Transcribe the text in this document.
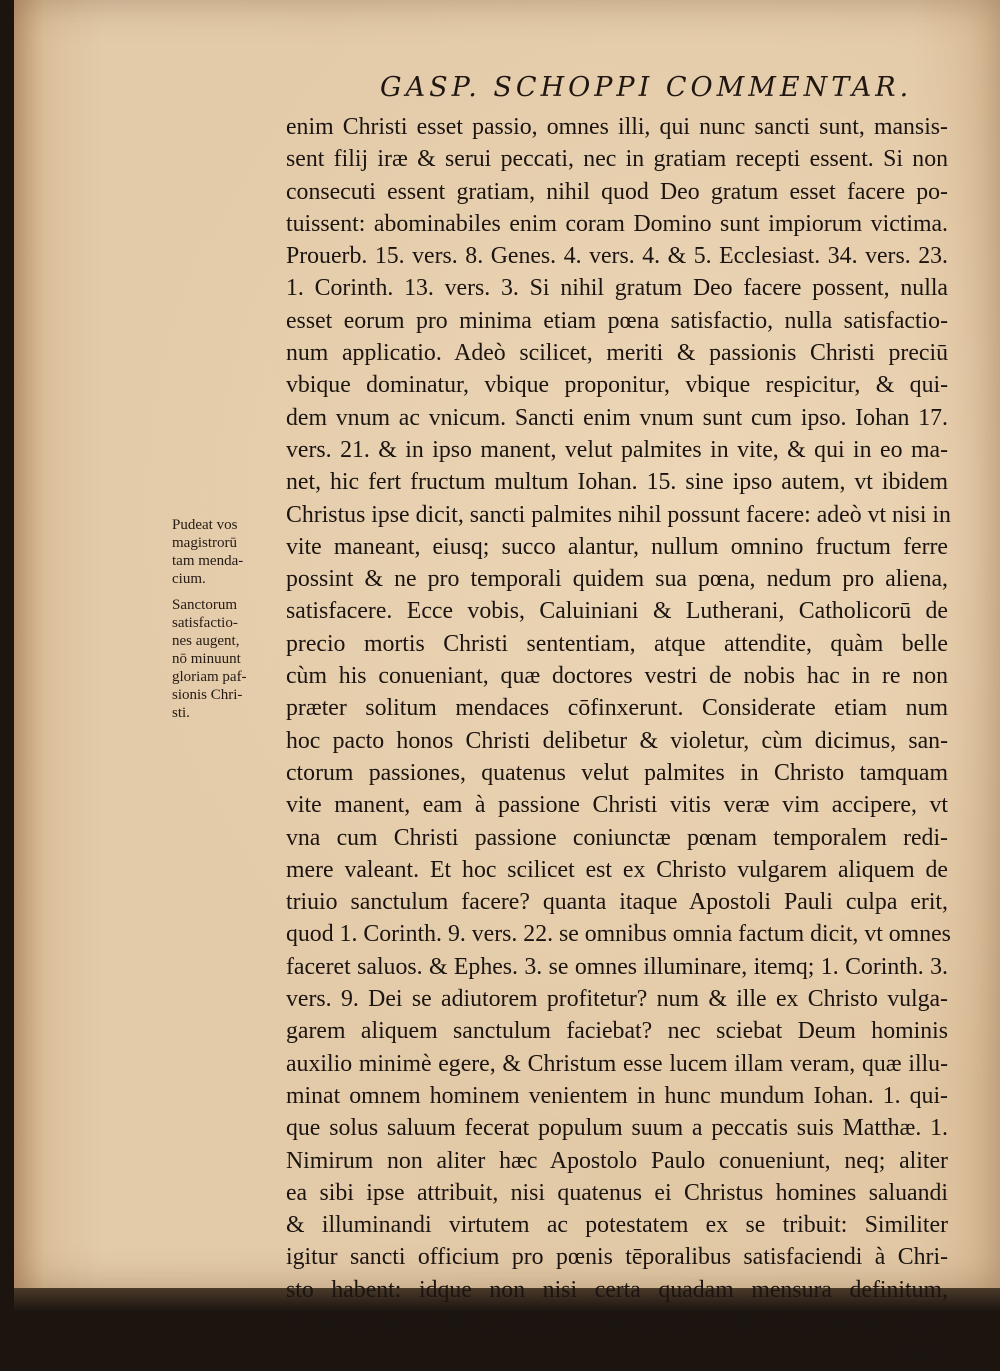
GASP. SCHOPPI COMMENTAR.
enim Christi esset passio, omnes illi, qui nunc sancti sunt, mansis-
sent filij iræ & serui peccati, nec in gratiam recepti essent. Si non
consecuti essent gratiam, nihil quod Deo gratum esset facere po-
tuissent: abominabiles enim coram Domino sunt impiorum victima.
Prouerb. 15. vers. 8. Genes. 4. vers. 4. & 5. Ecclesiast. 34. vers. 23.
1. Corinth. 13. vers. 3. Si nihil gratum Deo facere possent, nulla
esset eorum pro minima etiam pœna satisfactio, nulla satisfactio-
num applicatio. Adeò scilicet, meriti & passionis Christi preciū
vbique dominatur, vbique proponitur, vbique respicitur, & qui-
dem vnum ac vnicum. Sancti enim vnum sunt cum ipso. Iohan 17.
vers. 21. & in ipso manent, velut palmites in vite, & qui in eo ma-
net, hic fert fructum multum Iohan. 15. sine ipso autem, vt ibidem
Christus ipse dicit, sancti palmites nihil possunt facere: adeò vt nisi in
vite maneant, eiusq; succo alantur, nullum omnino fructum ferre
possint & ne pro temporali quidem sua pœna, nedum pro aliena,
satisfacere. Ecce vobis, Caluiniani & Lutherani, Catholicorū de
precio mortis Christi sententiam, atque attendite, quàm belle
cùm his conueniant, quæ doctores vestri de nobis hac in re non
præter solitum mendaces cōfinxerunt. Considerate etiam num
hoc pacto honos Christi delibetur & violetur, cùm dicimus, san-
ctorum passiones, quatenus velut palmites in Christo tamquam
vite manent, eam à passione Christi vitis veræ vim accipere, vt
vna cum Christi passione coniunctæ pœnam temporalem redi-
mere valeant. Et hoc scilicet est ex Christo vulgarem aliquem de
triuio sanctulum facere? quanta itaque Apostoli Pauli culpa erit,
quod 1. Corinth. 9. vers. 22. se omnibus omnia factum dicit, vt omnes
faceret saluos. & Ephes. 3. se omnes illuminare, itemq; 1. Corinth. 3.
vers. 9. Dei se adiutorem profitetur? num & ille ex Christo vulga-
garem aliquem sanctulum faciebat? nec sciebat Deum hominis
auxilio minimè egere, & Christum esse lucem illam veram, quæ illu-
minat omnem hominem venientem in hunc mundum Iohan. 1. qui-
que solus saluum fecerat populum suum a peccatis suis Matthæ. 1.
Nimirum non aliter hæc Apostolo Paulo conueniunt, neq; aliter
ea sibi ipse attribuit, nisi quatenus ei Christus homines saluandi
& illuminandi virtutem ac potestatem ex se tribuit: Similiter
igitur sancti officium pro pœnis tēporalibus satisfaciendi à Chri-
sto habent: idque non nisi certa quadam mensura definitum,
& ad pœnas tantùm, quæ post remissam culpam supersunt, expi-
andas
Pudeat vos
magistrorū
tam menda-
cium.
Sanctorum
satisfactio-
nes augent,
nō minuunt
gloriam paf-
sionis Chri-
sti.
